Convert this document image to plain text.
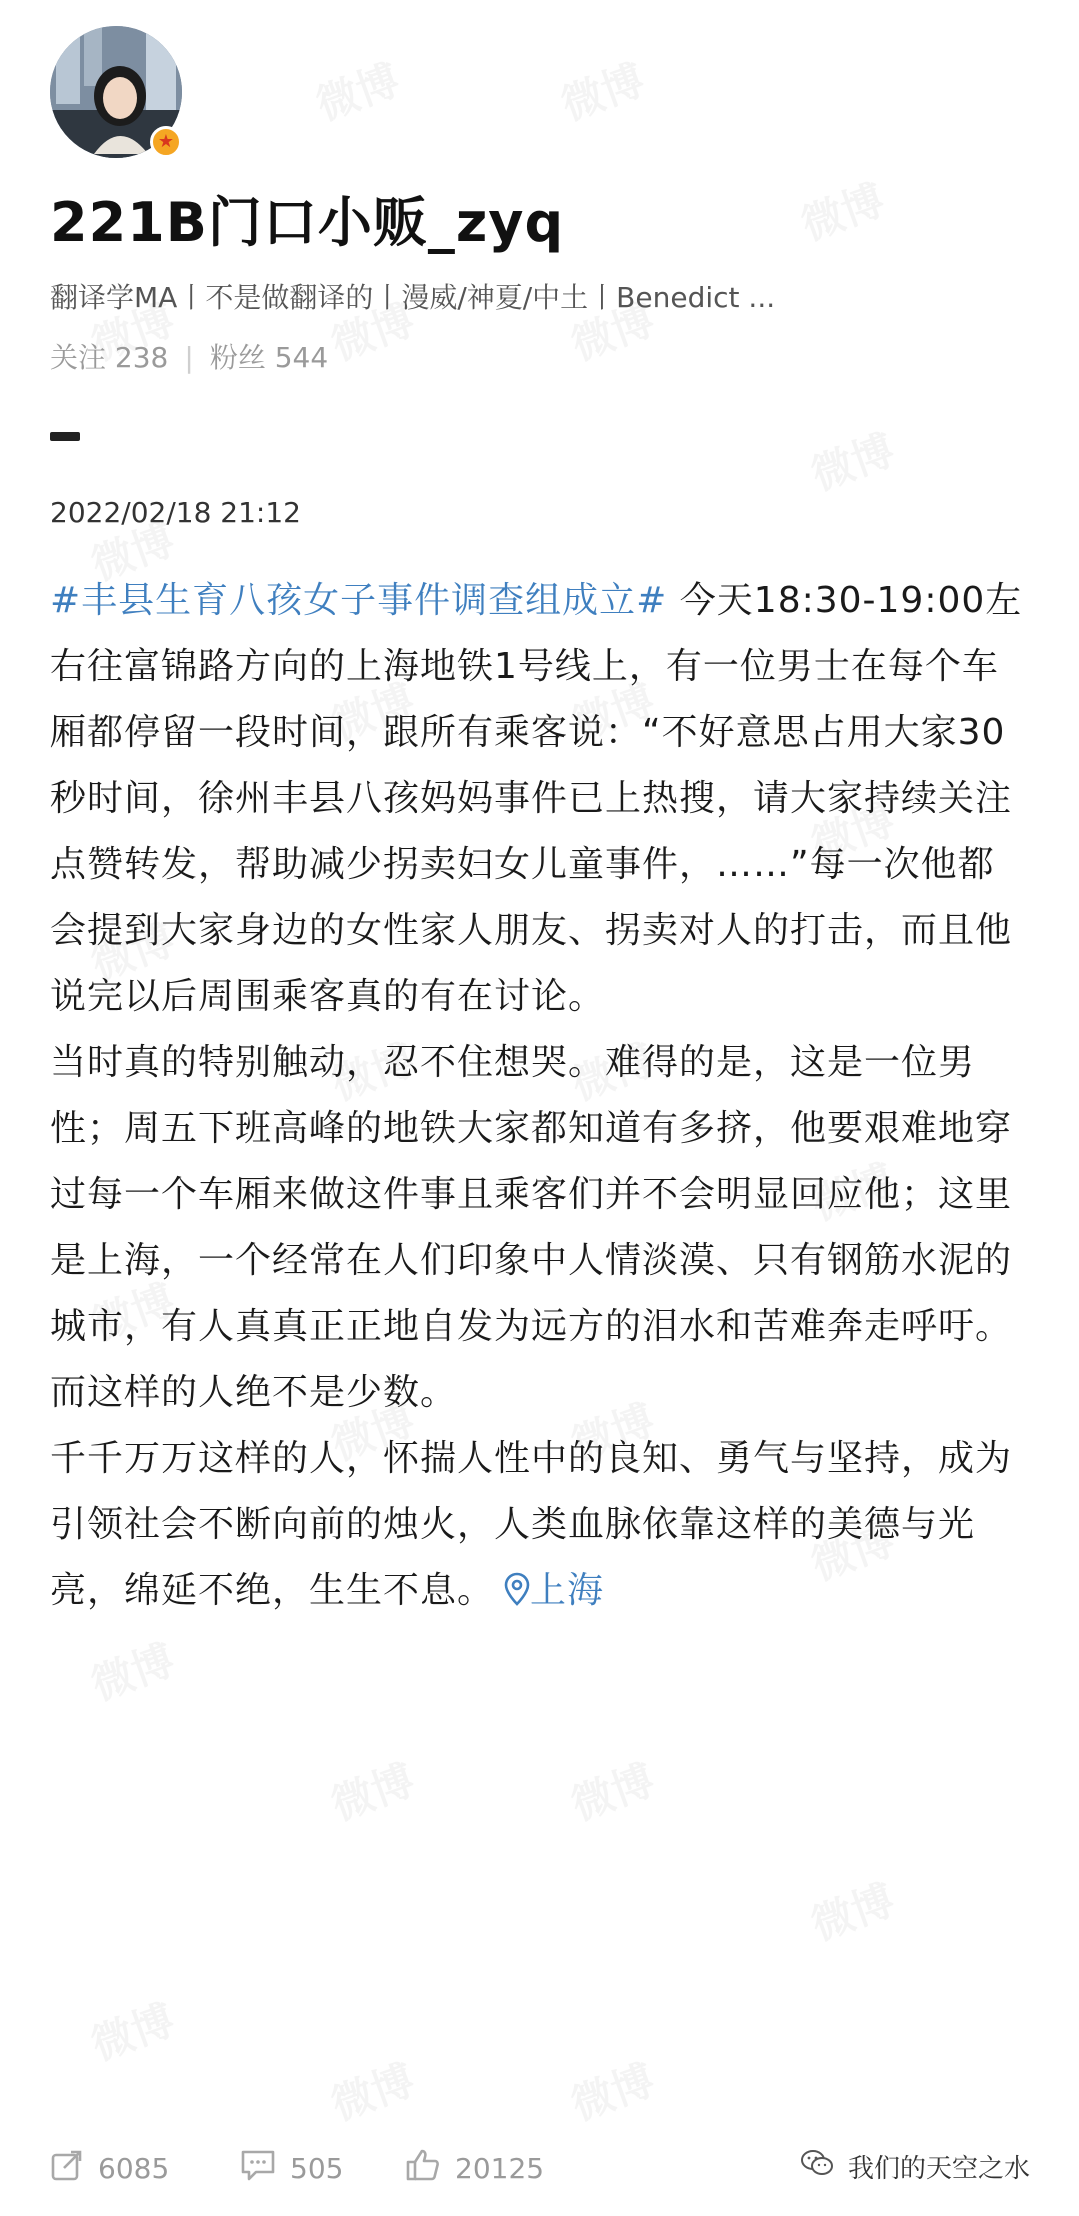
★
221B门口小贩_zyq
翻译学MA丨不是做翻译的丨漫威/神夏/中土丨Benedict ...
关注 238 | 粉丝 544
2022/02/18 21:12

#丰县生育八孩女子事件调查组成立# 今天18:30-19:00左右往富锦路方向的上海地铁1号线上，有一位男士在每个车厢都停留一段时间，跟所有乘客说：“不好意思占用大家30秒时间，徐州丰县八孩妈妈事件已上热搜，请大家持续关注点赞转发，帮助减少拐卖妇女儿童事件，……”每一次他都会提到大家身边的女性家人朋友、拐卖对人的打击，而且他说完以后周围乘客真的有在讨论。

当时真的特别触动，忍不住想哭。难得的是，这是一位男性；周五下班高峰的地铁大家都知道有多挤，他要艰难地穿过每一个车厢来做这件事且乘客们并不会明显回应他；这里是上海，一个经常在人们印象中人情淡漠、只有钢筋水泥的城市，有人真真正正地自发为远方的泪水和苦难奔走呼吁。而这样的人绝不是少数。

千千万万这样的人，怀揣人性中的良知、勇气与坚持，成为引领社会不断向前的烛火，人类血脉依靠这样的美德与光亮，绵延不绝，生生不息。 上海

6085	505	20125	我们的天空之水
